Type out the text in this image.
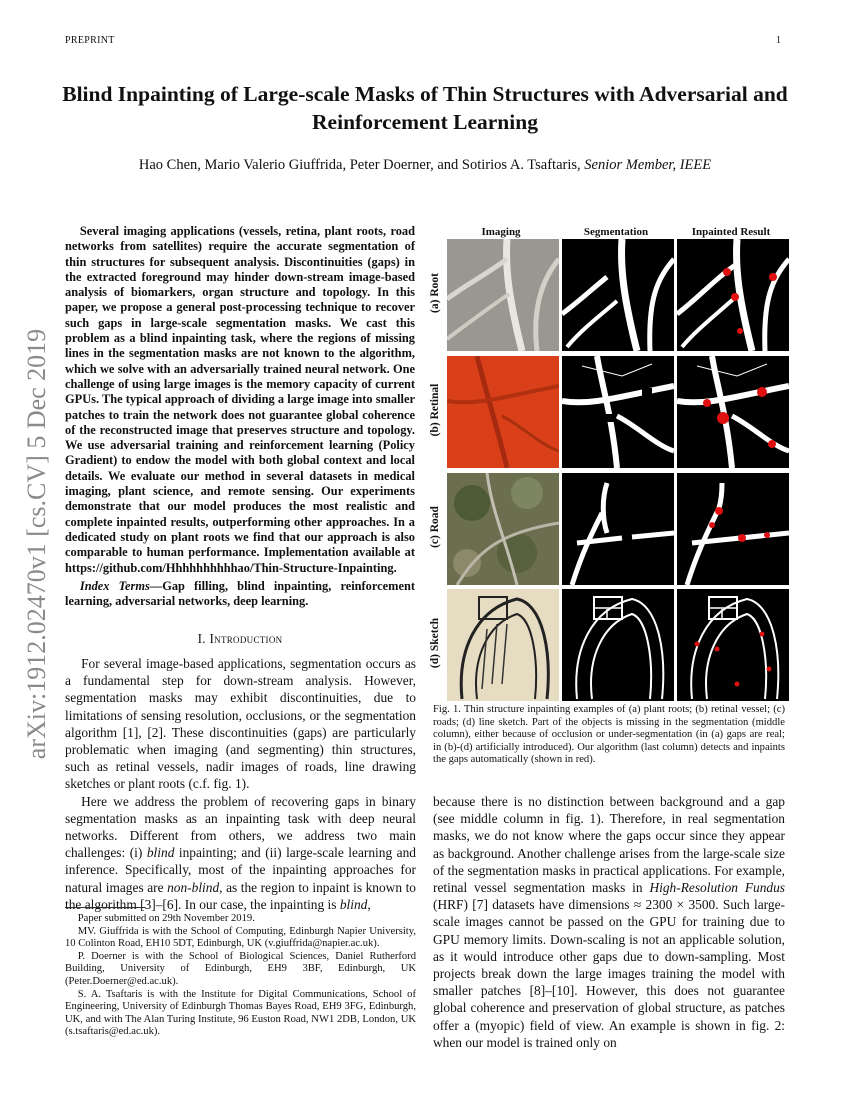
PREPRINT	1
arXiv:1912.02470v1 [cs.CV] 5 Dec 2019
Blind Inpainting of Large-scale Masks of Thin Structures with Adversarial and Reinforcement Learning
Hao Chen, Mario Valerio Giuffrida, Peter Doerner, and Sotirios A. Tsaftaris, Senior Member, IEEE
Several imaging applications (vessels, retina, plant roots, road networks from satellites) require the accurate segmentation of thin structures for subsequent analysis. Discontinuities (gaps) in the extracted foreground may hinder down-stream image-based analysis of biomarkers, organ structure and topology. In this paper, we propose a general post-processing technique to recover such gaps in large-scale segmentation masks. We cast this problem as a blind inpainting task, where the regions of missing lines in the segmentation masks are not known to the algorithm, which we solve with an adversarially trained neural network. One challenge of using large images is the memory capacity of current GPUs. The typical approach of dividing a large image into smaller patches to train the network does not guarantee global coherence of the reconstructed image that preserves structure and topology. We use adversarial training and reinforcement learning (Policy Gradient) to endow the model with both global context and local details. We evaluate our method in several datasets in medical imaging, plant science, and remote sensing. Our experiments demonstrate that our model produces the most realistic and complete inpainted results, outperforming other approaches. In a dedicated study on plant roots we find that our approach is also comparable to human performance. Implementation available at https://github.com/Hhhhhhhhhhao/Thin-Structure-Inpainting.
Index Terms—Gap filling, blind inpainting, reinforcement learning, adversarial networks, deep learning.
I. Introduction

For several image-based applications, segmentation occurs as a fundamental step for down-stream analysis. However, segmentation masks may exhibit discontinuities, due to limitations of sensing resolution, occlusions, or the segmentation algorithm [1], [2]. These discontinuities (gaps) are particularly problematic when imaging (and segmenting) thin structures, such as retinal vessels, nadir images of roads, line drawing sketches or plant roots (c.f. fig. 1).

Here we address the problem of recovering gaps in binary segmentation masks as an inpainting task with deep neural networks. Different from others, we address two main challenges: (i) blind inpainting; and (ii) large-scale learning and inference. Specifically, most of the inpainting approaches for natural images are non-blind, as the region to inpaint is known to the algorithm [3]–[6]. In our case, the inpainting is blind,

Paper submitted on 29th November 2019.

MV. Giuffrida is with the School of Computing, Edinburgh Napier University, 10 Colinton Road, EH10 5DT, Edinburgh, UK (v.giuffrida@napier.ac.uk).

P. Doerner is with the School of Biological Sciences, Daniel Rutherford Building, University of Edinburgh, EH9 3BF, Edinburgh, UK (Peter.Doerner@ed.ac.uk).

S. A. Tsaftaris is with the Institute for Digital Communications, School of Engineering, University of Edinburgh Thomas Bayes Road, EH9 3FG, Edinburgh, UK, and with The Alan Turing Institute, 96 Euston Road, NW1 2DB, London, UK (s.tsaftaris@ed.ac.uk).

Imaging	Segmentation	Inpainted Result
(a) Root
(b) Retinal
(c) Road
(d) Sketch
Fig. 1. Thin structure inpainting examples of (a) plant roots; (b) retinal vessel; (c) roads; (d) line sketch. Part of the objects is missing in the segmentation (middle column), either because of occlusion or under-segmentation (in (a) gaps are real; in (b)-(d) artificially introduced). Our algorithm (last column) detects and inpaints the gaps automatically (shown in red).

because there is no distinction between background and a gap (see middle column in fig. 1). Therefore, in real segmentation masks, we do not know where the gaps occur since they appear as background. Another challenge arises from the large-scale size of the segmentation masks in practical applications. For example, retinal vessel segmentation masks in High-Resolution Fundus (HRF) [7] datasets have dimensions ≈ 2300 × 3500. Such large-scale images cannot be passed on the GPU for training due to GPU memory limits. Down-scaling is not an applicable solution, as it would introduce other gaps due to down-sampling. Most projects break down the large images training the model with smaller patches [8]–[10]. However, this does not guarantee global coherence and preservation of global structure, as patches offer a (myopic) field of view. An example is shown in fig. 2: when our model is trained only on
